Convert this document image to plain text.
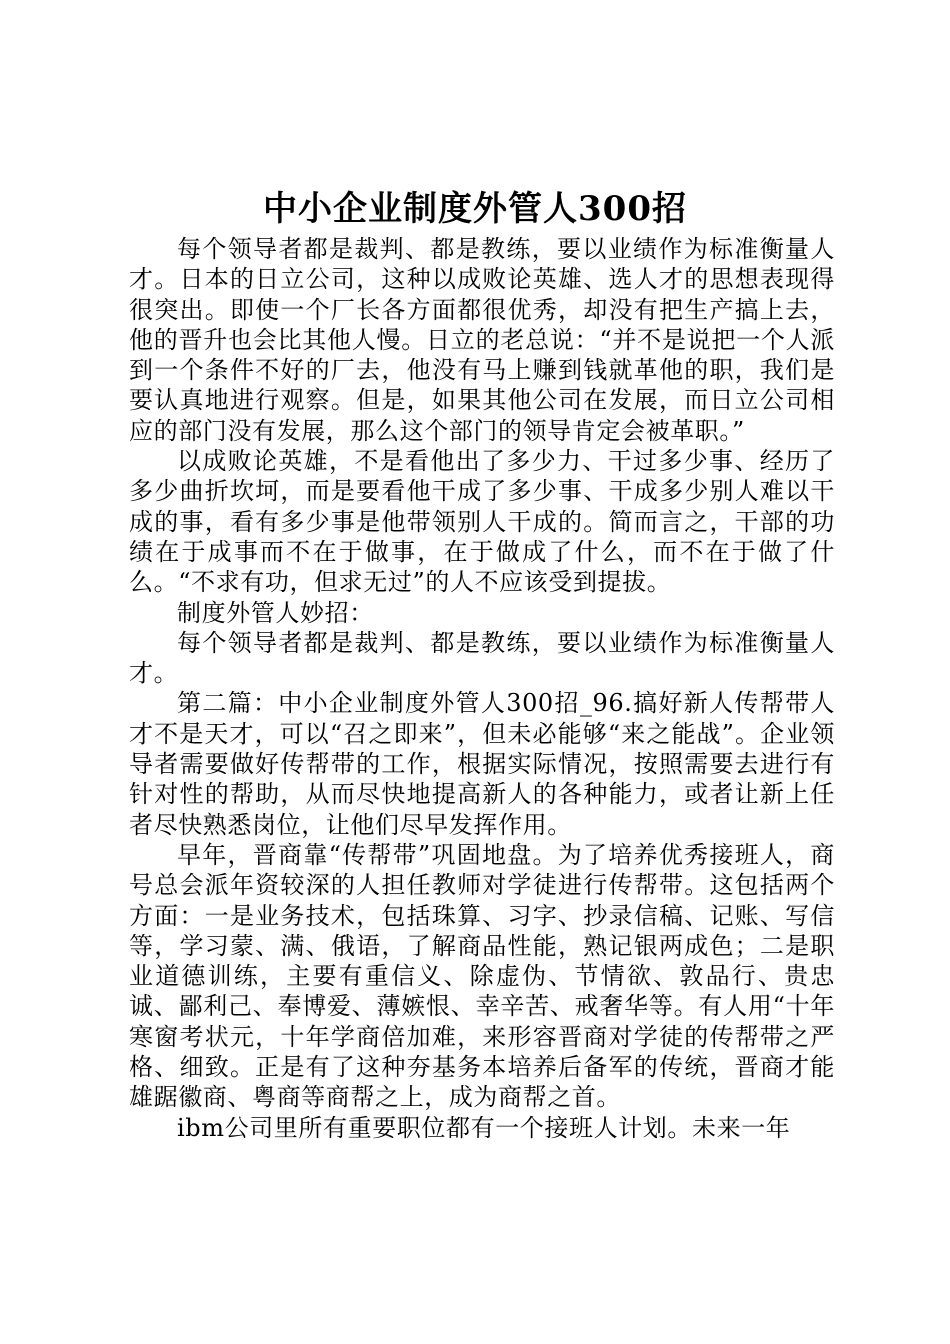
中小企业制度外管人300招

每个领导者都是裁判、都是教练，要以业绩作为标准衡量人才。日本的日立公司，这种以成败论英雄、选人才的思想表现得很突出。即使一个厂长各方面都很优秀，却没有把生产搞上去，他的晋升也会比其他人慢。日立的老总说：“并不是说把一个人派到一个条件不好的厂去，他没有马上赚到钱就革他的职，我们是要认真地进行观察。但是，如果其他公司在发展，而日立公司相应的部门没有发展，那么这个部门的领导肯定会被革职。”

以成败论英雄，不是看他出了多少力、干过多少事、经历了多少曲折坎坷，而是要看他干成了多少事、干成多少别人难以干成的事，看有多少事是他带领别人干成的。简而言之，干部的功绩在于成事而不在于做事，在于做成了什么，而不在于做了什么。“不求有功，但求无过”的人不应该受到提拔。

制度外管人妙招：

每个领导者都是裁判、都是教练，要以业绩作为标准衡量人才。

第二篇：中小企业制度外管人300招_96.搞好新人传帮带人才不是天才，可以“召之即来”，但未必能够“来之能战”。企业领导者需要做好传帮带的工作，根据实际情况，按照需要去进行有针对性的帮助，从而尽快地提高新人的各种能力，或者让新上任者尽快熟悉岗位，让他们尽早发挥作用。

早年，晋商靠“传帮带”巩固地盘。为了培养优秀接班人，商号总会派年资较深的人担任教师对学徒进行传帮带。这包括两个方面：一是业务技术，包括珠算、习字、抄录信稿、记账、写信等，学习蒙、满、俄语，了解商品性能，熟记银两成色；二是职业道德训练，主要有重信义、除虚伪、节情欲、敦品行、贵忠诚、鄙利己、奉博爱、薄嫉恨、幸辛苦、戒奢华等。有人用“十年寒窗考状元，十年学商倍加难，来形容晋商对学徒的传帮带之严格、细致。正是有了这种夯基务本培养后备军的传统，晋商才能雄踞徽商、粤商等商帮之上，成为商帮之首。

ibm公司里所有重要职位都有一个接班人计划。未来一年
